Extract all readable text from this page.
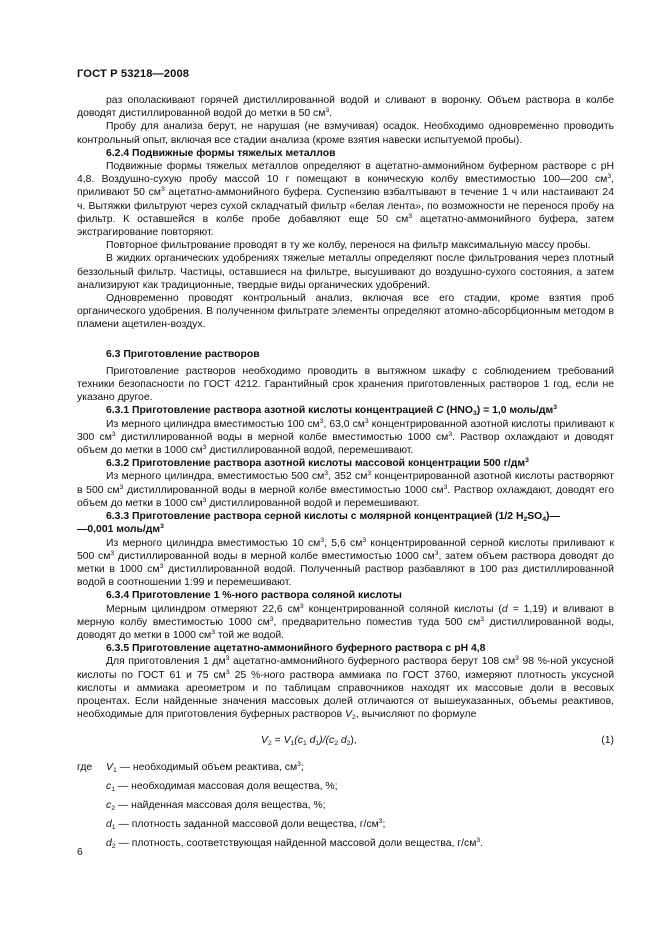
ГОСТ Р 53218—2008

раз ополаскивают горячей дистиллированной водой и сливают в воронку. Объем раствора в колбе доводят дистиллированной водой до метки в 50 $см^3$.

Пробу для анализа берут, не нарушая (не взмучивая) осадок. Необходимо одновременно проводить контрольный опыт, включая все стадии анализа (кроме взятия навески испытуемой пробы).

6.2.4 Подвижные формы тяжелых металлов

Подвижные формы тяжелых металлов определяют в ацетатно-аммонийном буферном растворе с pH 4,8. Воздушно-сухую пробу массой 10 г помещают в коническую колбу вместимостью 100—200 $см^3$, приливают 50 $см^3$ ацетатно-аммонийного буфера. Суспензию взбалтывают в течение 1 ч или настаивают 24 ч. Вытяжки фильтруют через сухой складчатый фильтр «белая лента», по возможности не перенося пробу на фильтр. К оставшейся в колбе пробе добавляют еще 50 $см^3$ ацетатно-аммонийного буфера, затем экстрагирование повторяют.

Повторное фильтрование проводят в ту же колбу, перенося на фильтр максимальную массу пробы.

В жидких органических удобрениях тяжелые металлы определяют после фильтрования через плотный беззольный фильтр. Частицы, оставшиеся на фильтре, высушивают до воздушно-сухого состояния, а затем анализируют как традиционные, твердые виды органических удобрений.

Одновременно проводят контрольный анализ, включая все его стадии, кроме взятия проб органического удобрения. В полученном фильтрате элементы определяют атомно-абсорбционным методом в пламени ацетилен-воздух.

6.3 Приготовление растворов

Приготовление растворов необходимо проводить в вытяжном шкафу с соблюдением требований техники безопасности по ГОСТ 4212. Гарантийный срок хранения приготовленных растворов 1 год, если не указано другое.

6.3.1 Приготовление раствора азотной кислоты концентрацией C $(HNO_3) = 1,0$ моль/$дм^3$

Из мерного цилиндра вместимостью 100 $см^3$, 63,0 $см^3$ концентрированной азотной кислоты приливают к 300 $см^3$ дистиллированной воды в мерной колбе вместимостью 1000 $см^3$. Раствор охлаждают и доводят объем до метки в 1000 $см^3$ дистиллированной водой, перемешивают.

6.3.2 Приготовление раствора азотной кислоты массовой концентрации 500 $г/дм^3$

Из мерного цилиндра, вместимостью 500 $см^3$, 352 $см^3$ концентрированной азотной кислоты растворяют в 500 $см^3$ дистиллированной воды в мерной колбе вместимостью 1000 $см^3$. Раствор охлаждают, доводят его объем до метки в 1000 $см^3$ дистиллированной водой и перемешивают.

6.3.3 Приготовление раствора серной кислоты с молярной концентрацией (1/2 $H_2SO_4)—$
—0,001 моль/$дм^3$

Из мерного цилиндра вместимостью 10 $см^3$, 5,6 $см^3$ концентрированной серной кислоты приливают к 500 $см^3$ дистиллированной воды в мерной колбе вместимостью 1000 $см^3$, затем объем раствора доводят до метки в 1000 $см^3$ дистиллированной водой. Полученный раствор разбавляют в 100 раз дистиллированной водой в соотношении 1:99 и перемешивают.

6.3.4 Приготовление 1 %-ного раствора соляной кислоты

Мерным цилиндром отмеряют 22,6 $см^3$ концентрированной соляной кислоты (d = 1,19) и вливают в мерную колбу вместимостью 1000 $см^3$, предварительно поместив туда 500 $см^3$ дистиллированной воды, доводят до метки в 1000 $см^3$ той же водой.

6.3.5 Приготовление ацетатно-аммонийного буферного раствора с pH 4,8

Для приготовления 1 $дм^3$ ацетатно-аммонийного буферного раствора берут 108 $см^3$ 98 %-ной уксусной кислоты по ГОСТ 61 и 75 $см^3$ 25 %-ного раствора аммиака по ГОСТ 3760, измеряют плотность уксусной кислоты и аммиака ареометром и по таблицам справочников находят их массовые доли в весовых процентах. Если найденные значения массовых долей отличаются от вышеуказанных, объемы реактивов, необходимые для приготовления буферных растворов $V_2$, вычисляют по формуле

$V_2 = V_1(c_1$ $d_1)/(c_2$ $d_2$),	(1)
где	$V_1$ — необходимый объем реактива, $см^3$;
$c_1$ — необходимая массовая доля вещества, %;
$c_2$ — найденная массовая доля вещества, %;
$d_1$ — плотность заданной массовой доли вещества, $г/см^3$;
$d_2$ — плотность, соответствующая найденной массовой доли вещества, $г/см^3$.
6
